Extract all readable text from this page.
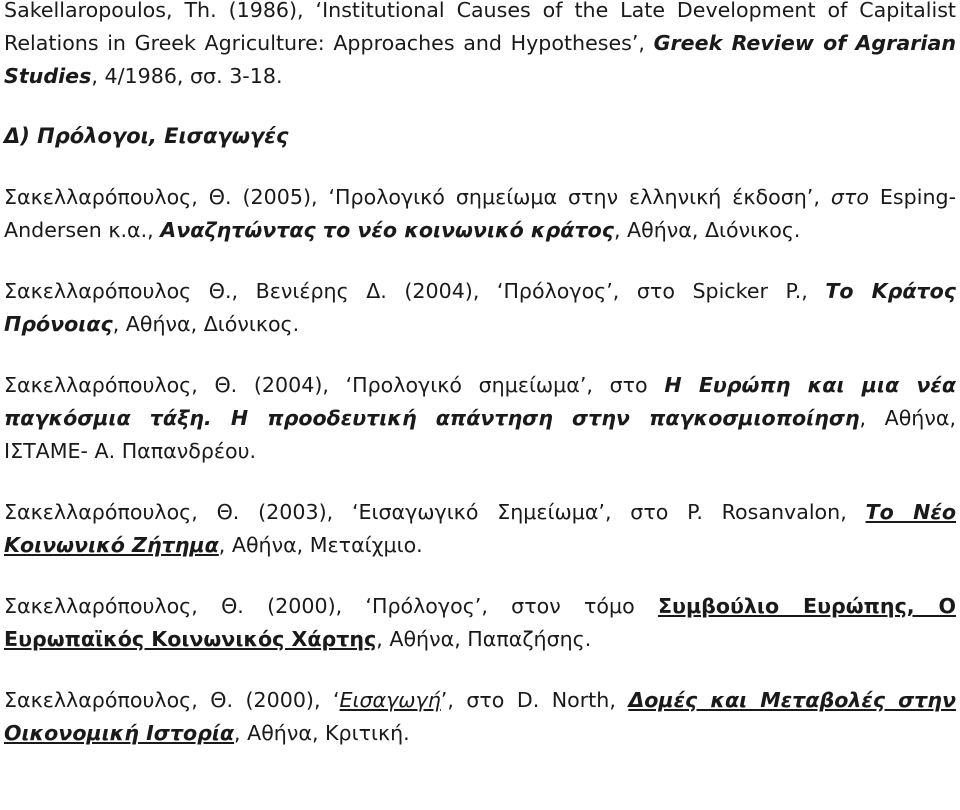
Sakellaropoulos, Th. (1986), ‘Institutional Causes of the Late Development of Capitalist Relations in Greek Agriculture: Approaches and Hypotheses’, Greek Review of Agrarian Studies, 4/1986, σσ. 3-18.

Δ) Πρόλογοι, Εισαγωγές

Σακελλαρόπουλος, Θ. (2005), ‘Προλογικό σημείωμα στην ελληνική έκδοση’, στο Esping-Andersen κ.α., Αναζητώντας το νέο κοινωνικό κράτος, Αθήνα, Διόνικος.

Σακελλαρόπουλος Θ., Βενιέρης Δ. (2004), ‘Πρόλογος’, στο Spicker P., Το Κράτος Πρόνοιας, Αθήνα, Διόνικος.

Σακελλαρόπουλος, Θ. (2004), ‘Προλογικό σημείωμα’, στο Η Ευρώπη και μια νέα παγκόσμια τάξη. Η προοδευτική απάντηση στην παγκοσμιοποίηση, Αθήνα, ΙΣΤΑΜΕ- Α. Παπανδρέου.

Σακελλαρόπουλος, Θ. (2003), ‘Εισαγωγικό Σημείωμα’, στο P. Rosanvalon, Το Νέο Κοινωνικό Ζήτημα, Αθήνα, Μεταίχμιο.

Σακελλαρόπουλος, Θ. (2000), ‘Πρόλογος’, στον τόμο Συμβούλιο Ευρώπης, Ο Ευρωπαϊκός Κοινωνικός Χάρτης, Αθήνα, Παπαζήσης.

Σακελλαρόπουλος, Θ. (2000), ‘Εισαγωγή’, στο D. North, Δομές και Μεταβολές στην Οικονομική Ιστορία, Αθήνα, Κριτική.
